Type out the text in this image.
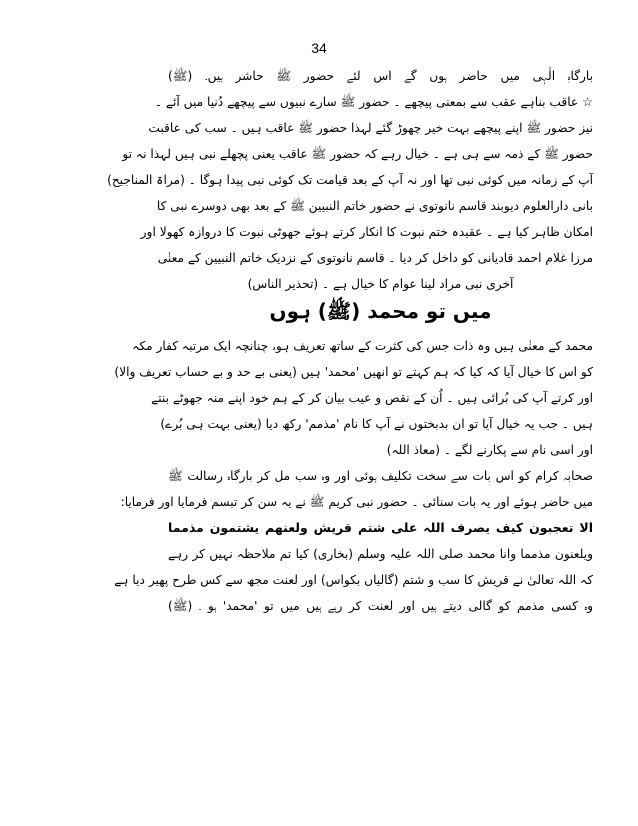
34
بارگاہِ الٰہی میں حاضر ہوں گے اس لئے حضور ﷺ حاشر ہیں۔ (ﷺ)
☆ عاقب بناہے عقب سے بمعنی پیچھے ۔ حضور ﷺ سارے نبیوں سے پیچھے دُنیا میں آئے ۔
نیز حضور ﷺ اپنے پیچھے بہت خیر چھوڑ گئے لہذا حضور ﷺ عاقب ہیں ۔ سب کی عاقبت
حضور ﷺ کے ذمہ سے ہی ہے ۔ خیال رہے کہ حضور ﷺ عاقب یعنی پچھلے نبی ہیں لہذا نہ تو
آپ کے زمانہ میں کوئی نبی تھا اور نہ آپ کے بعد قیامت تک کوئی نبی پیدا ہوگا ۔ (مراۃ المناجیح)
بانی دارالعلوم دیوبند قاسم نانوتوی نے حضور خاتم النبیین ﷺ کے بعد بھی دوسرے نبی کا
امکان ظاہر کیا ہے ۔ عقیدہ ختم نبوت کا انکار کرتے ہوئے جھوٹی نبوت کا دروازہ کھولا اور
مرزا غلام احمد قادیانی کو داخل کر دیا ۔ قاسم نانوتوی کے نزدیک خاتم النبیین کے معنٰی
آخری نبی مراد لینا عوام کا خیال ہے ۔ (تحذیر الناس)
میں تو محمد (ﷺ) ہوں
محمد کے معنٰی ہیں وہ ذات جس کی کثرت کے ساتھ تعریف ہو، چنانچہ ایک مرتبہ کفار مکہ
کو اس کا خیال آیا کہ کیا کہ ہم کہتے تو انھیں 'محمد' ہیں (یعنی بے حد و بے حساب تعریف والا)
اور کرتے آپ کی بُرائی ہیں ۔ اُن کے نقص و عیب بیان کر کے ہم خود اپنے منہ جھوٹے بنتے
ہیں ۔ جب یہ خیال آیا تو ان بدبختوں نے آپ کا نام 'مذمم' رکھ دیا (یعنی بہت ہی بُرے)
اور اسی نام سے پکارنے لگے ۔ (معاذ اللہ)
صحابہ کرام کو اس بات سے سخت تکلیف ہوئی اور وہ سب مل کر بارگاہ رسالت ﷺ
میں حاضر ہوئے اور یہ بات سنائی ۔ حضور نبی کریم ﷺ نے یہ سن کر تبسم فرمایا اور فرمایا:
الا تعجبون کیف یصرف اللہ علی شتم قریش ولعنهم یشتمون مذمما
ویلعنون مذمما وانا محمد صلی اللہ علیہ وسلم (بخاری) کیا تم ملاحظہ نہیں کر رہے
کہ اللہ تعالیٰ نے قریش کا سب و شتم (گالیاں بکواس) اور لعنت مجھ سے کس طرح پھیر دیا ہے
وہ کسی مذمم کو گالی دیتے ہیں اور لعنت کر رہے ہیں میں تو 'محمد' ہو ۔ (ﷺ)
